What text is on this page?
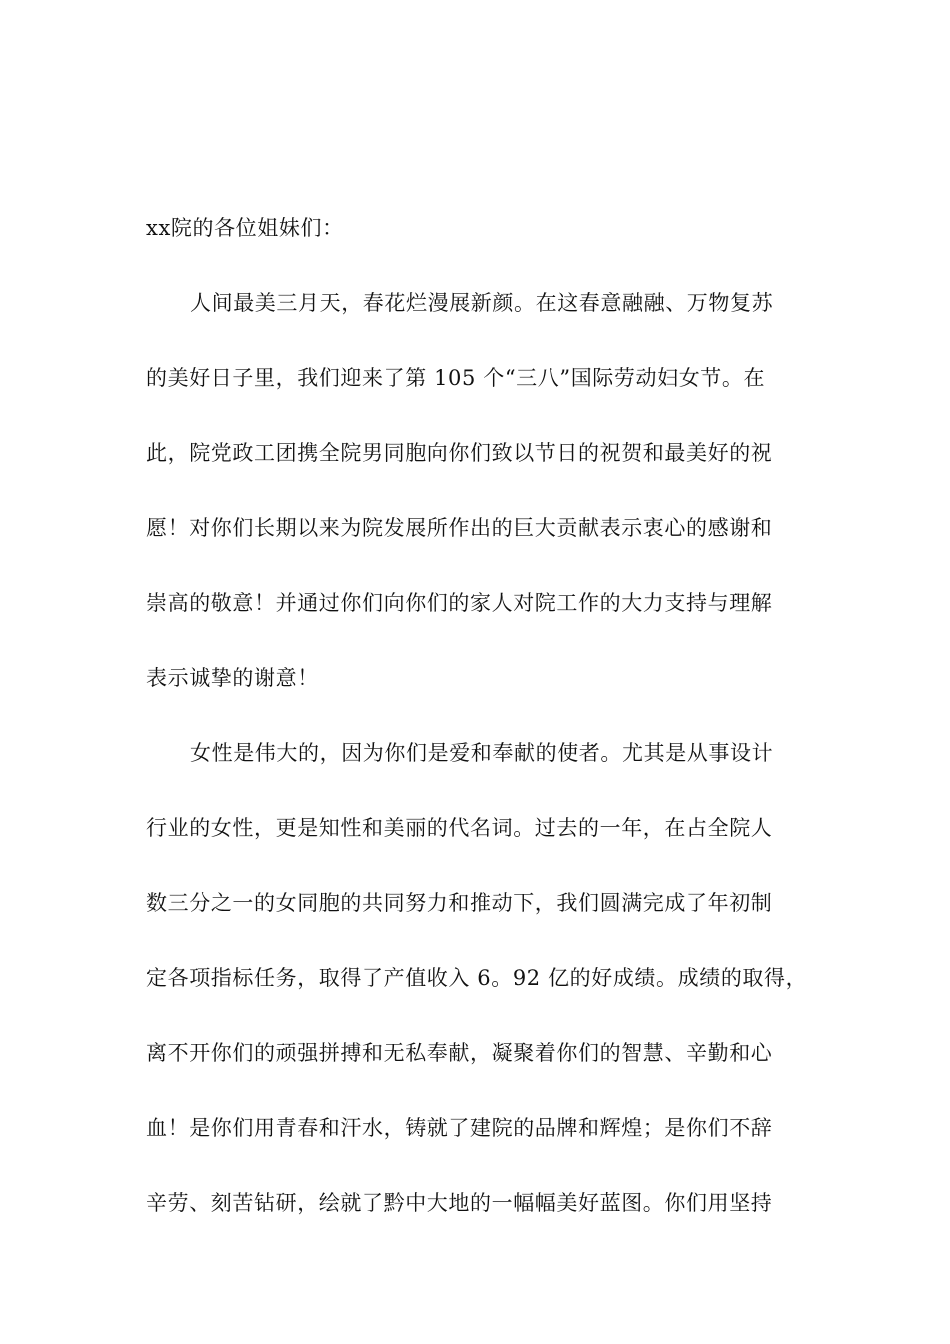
xx院的各位姐妹们：
人间最美三月天，春花烂漫展新颜。在这春意融融、万物复苏
的美好日子里，我们迎来了第 105 个“三八”国际劳动妇女节。在
此，院党政工团携全院男同胞向你们致以节日的祝贺和最美好的祝
愿！对你们长期以来为院发展所作出的巨大贡献表示衷心的感谢和
崇高的敬意！并通过你们向你们的家人对院工作的大力支持与理解
表示诚挚的谢意！
女性是伟大的，因为你们是爱和奉献的使者。尤其是从事设计
行业的女性，更是知性和美丽的代名词。过去的一年，在占全院人
数三分之一的女同胞的共同努力和推动下，我们圆满完成了年初制
定各项指标任务，取得了产值收入 6。92 亿的好成绩。成绩的取得，
离不开你们的顽强拼搏和无私奉献，凝聚着你们的智慧、辛勤和心
血！是你们用青春和汗水，铸就了建院的品牌和辉煌；是你们不辞
辛劳、刻苦钻研，绘就了黔中大地的一幅幅美好蓝图。你们用坚持
